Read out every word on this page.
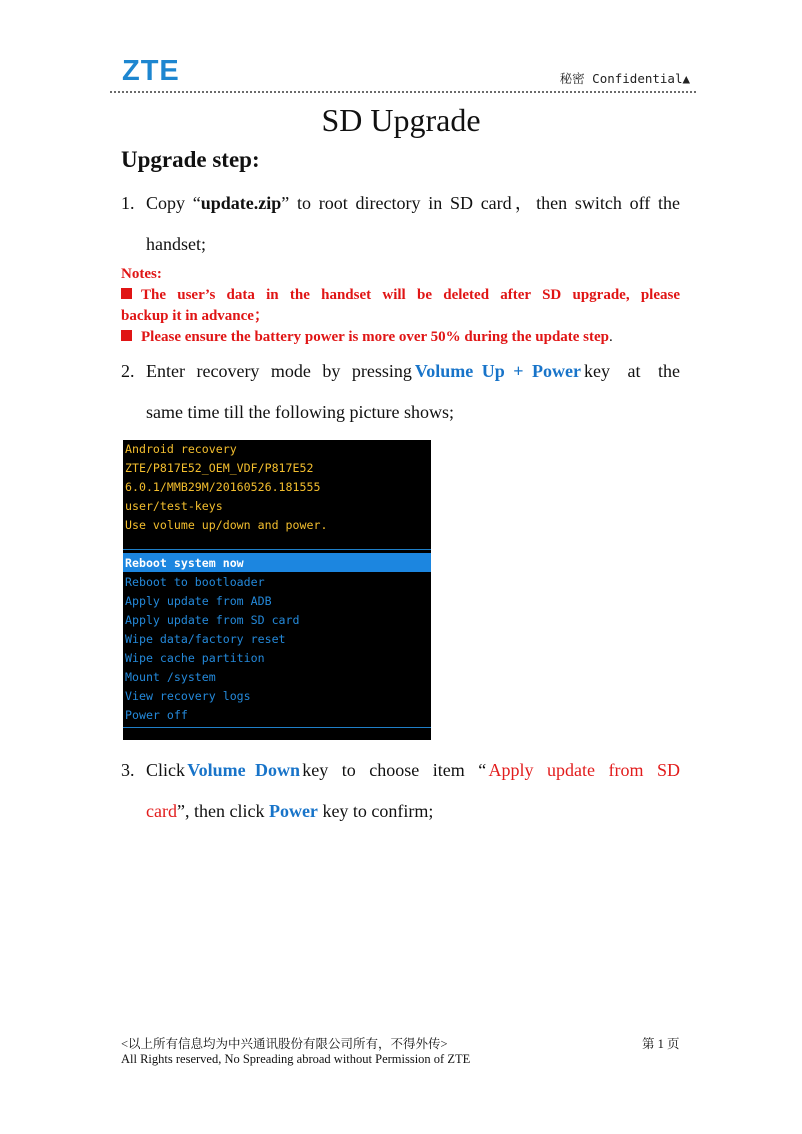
ZTE	秘密 Confidential▲
SD Upgrade
Upgrade step:
1. Copy “update.zip” to root directory in SD card，then switch off the
handset;
Notes:
The user’s data in the handset will be deleted after SD upgrade, please
backup it in advance；
Please ensure the battery power is more over 50% during the update step.
2. Enter recovery mode by pressing Volume Up + Power key at the
same time till the following picture shows;
Android recovery
ZTE/P817E52_OEM_VDF/P817E52
6.0.1/MMB29M/20160526.181555
user/test-keys
Use volume up/down and power.
Reboot system now
Reboot to bootloader
Apply update from ADB
Apply update from SD card
Wipe data/factory reset
Wipe cache partition
Mount /system
View recovery logs
Power off
3. Click Volume Down key to choose item “ Apply update from SD
card”, then click Power key to confirm;
<以上所有信息均为中兴通讯股份有限公司所有，不得外传>
All Rights reserved, No Spreading abroad without Permission of ZTE
第 1 页
